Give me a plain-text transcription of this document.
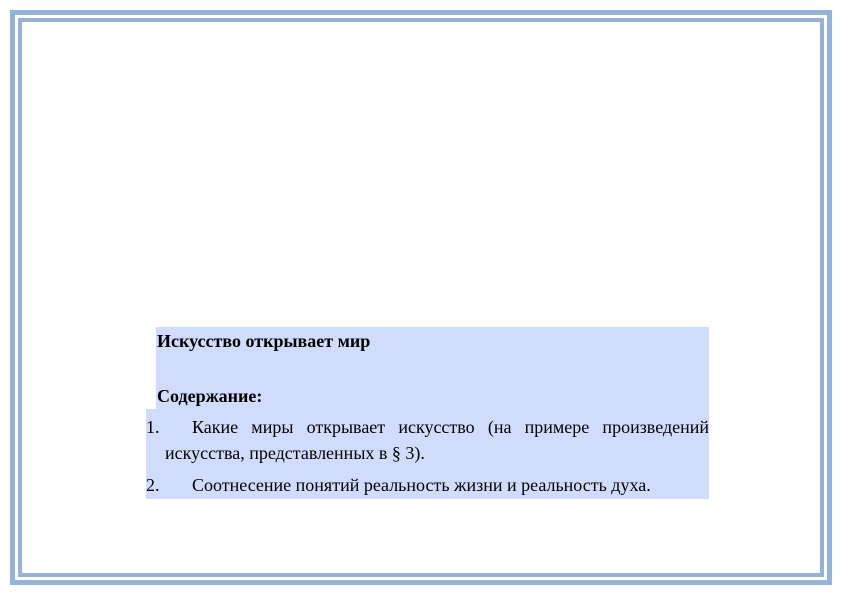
Искусство открывает мир
Содержание:
1.	Какие миры открывает искусство (на примере произведений искусства, представленных в § 3).
2.	Соотнесение понятий реальность жизни и реальность духа.
